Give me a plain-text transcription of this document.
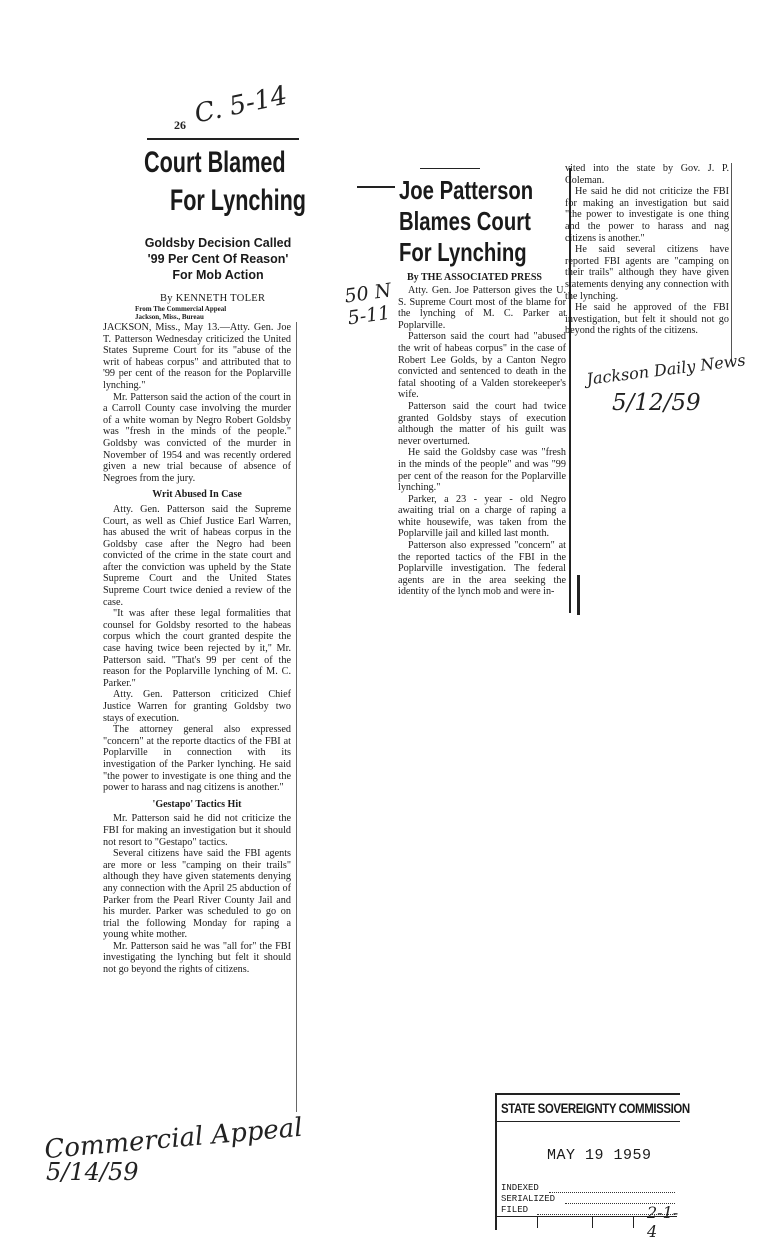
26 C. 5-14
Court Blamed
For Lynching
Goldsby Decision Called
'99 Per Cent Of Reason'
For Mob Action
By KENNETH TOLER
From The Commercial Appeal
Jackson, Miss., Bureau

JACKSON, Miss., May 13.—Atty. Gen. Joe T. Patterson Wednesday criticized the United States Supreme Court for its "abuse of the writ of habeas corpus" and attributed that to '99 per cent of the reason for the Poplarville lynching."

Mr. Patterson said the action of the court in a Carroll County case involving the murder of a white woman by Negro Robert Goldsby was "fresh in the minds of the people." Goldsby was convicted of the murder in November of 1954 and was recently ordered given a new trial because of absence of Negroes from the jury.

Writ Abused In Case

Atty. Gen. Patterson said the Supreme Court, as well as Chief Justice Earl Warren, has abused the writ of habeas corpus in the Goldsby case after the Negro had been convicted of the crime in the state court and after the conviction was upheld by the State Supreme Court and the United States Supreme Court twice denied a review of the case.

"It was after these legal formalities that counsel for Goldsby resorted to the habeas corpus which the court granted despite the case having twice been rejected by it," Mr. Patterson said. "That's 99 per cent of the reason for the Poplarville lynching of M. C. Parker."

Atty. Gen. Patterson criticized Chief Justice Warren for granting Goldsby two stays of execution.

The attorney general also expressed "concern" at the reporte dtactics of the FBI at Poplarville in connection with its investigation of the Parker lynching. He said "the power to investigate is one thing and the power to harass and nag citizens is another."

'Gestapo' Tactics Hit

Mr. Patterson said he did not criticize the FBI for making an investigation but it should not resort to "Gestapo" tactics.

Several citizens have said the FBI agents are more or less "camping on their trails" although they have given statements denying any connection with the April 25 abduction of Parker from the Pearl River County Jail and his murder. Parker was scheduled to go on trial the following Monday for raping a young white mother.

Mr. Patterson said he was "all for" the FBI investigating the lynching but felt it should not go beyond the rights of citizens.

Commercial Appeal
5/14/59
Joe Patterson
Blames Court
For Lynching
By THE ASSOCIATED PRESS
50 N 5-11

Atty. Gen. Joe Patterson gives the U. S. Supreme Court most of the blame for the lynching of M. C. Parker at Poplarville.

Patterson said the court had "abused the writ of habeas corpus" in the case of Robert Lee Golds, by a Canton Negro convicted and sentenced to death in the fatal shooting of a Valden storekeeper's wife.

Patterson said the court had twice granted Goldsby stays of execution although the matter of his guilt was never overturned.

He said the Goldsby case was "fresh in the minds of the people" and was "99 per cent of the reason for the Poplarville lynching."

Parker, a 23 - year - old Negro awaiting trial on a charge of raping a white housewife, was taken from the Poplarville jail and killed last month.

Patterson also expressed "concern" at the reported tactics of the FBI in the Poplarville investigation. The federal agents are in the area seeking the identity of the lynch mob and were in-

vited into the state by Gov. J. P. Coleman.

He said he did not criticize the FBI for making an investigation but said "the power to investigate is one thing and the power to harass and nag citizens is another."

He said several citizens have reported FBI agents are "camping on their trails" although they have given statements denying any connection with the lynching.

He said he approved of the FBI investigation, but felt it should not go beyond the rights of the citizens.

Jackson Daily News
5/12/59
STATE SOVEREIGNTY COMMISSION
MAY 19 1959
INDEXED
SERIALIZED
FILED	2-1-4
